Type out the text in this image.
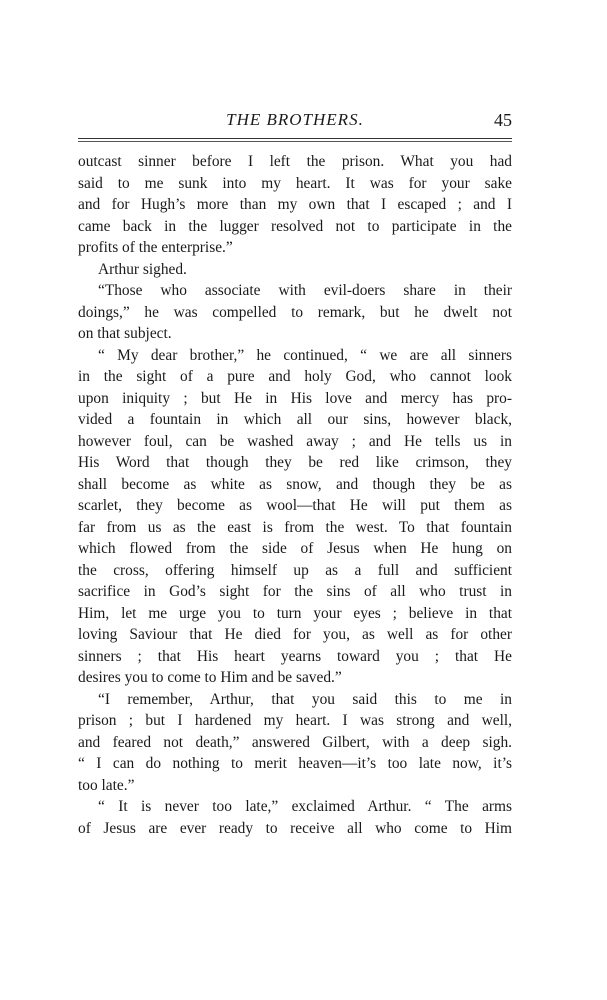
THE BROTHERS.	45
outcast sinner before I left the prison. What you had
said to me sunk into my heart. It was for your sake
and for Hugh’s more than my own that I escaped ; and I
came back in the lugger resolved not to participate in the
profits of the enterprise.”
Arthur sighed.
“Those who associate with evil-doers share in their
doings,” he was compelled to remark, but he dwelt not
on that subject.
“ My dear brother,” he continued, “ we are all sinners
in the sight of a pure and holy God, who cannot look
upon iniquity ; but He in His love and mercy has pro-
vided a fountain in which all our sins, however black,
however foul, can be washed away ; and He tells us in
His Word that though they be red like crimson, they
shall become as white as snow, and though they be as
scarlet, they become as wool—that He will put them as
far from us as the east is from the west. To that fountain
which flowed from the side of Jesus when He hung on
the cross, offering himself up as a full and sufficient
sacrifice in God’s sight for the sins of all who trust in
Him, let me urge you to turn your eyes ; believe in that
loving Saviour that He died for you, as well as for other
sinners ; that His heart yearns toward you ; that He
desires you to come to Him and be saved.”
“I remember, Arthur, that you said this to me in
prison ; but I hardened my heart. I was strong and well,
and feared not death,” answered Gilbert, with a deep sigh.
“ I can do nothing to merit heaven—it’s too late now, it’s
too late.”
“ It is never too late,” exclaimed Arthur. “ The arms
of Jesus are ever ready to receive all who come to Him
